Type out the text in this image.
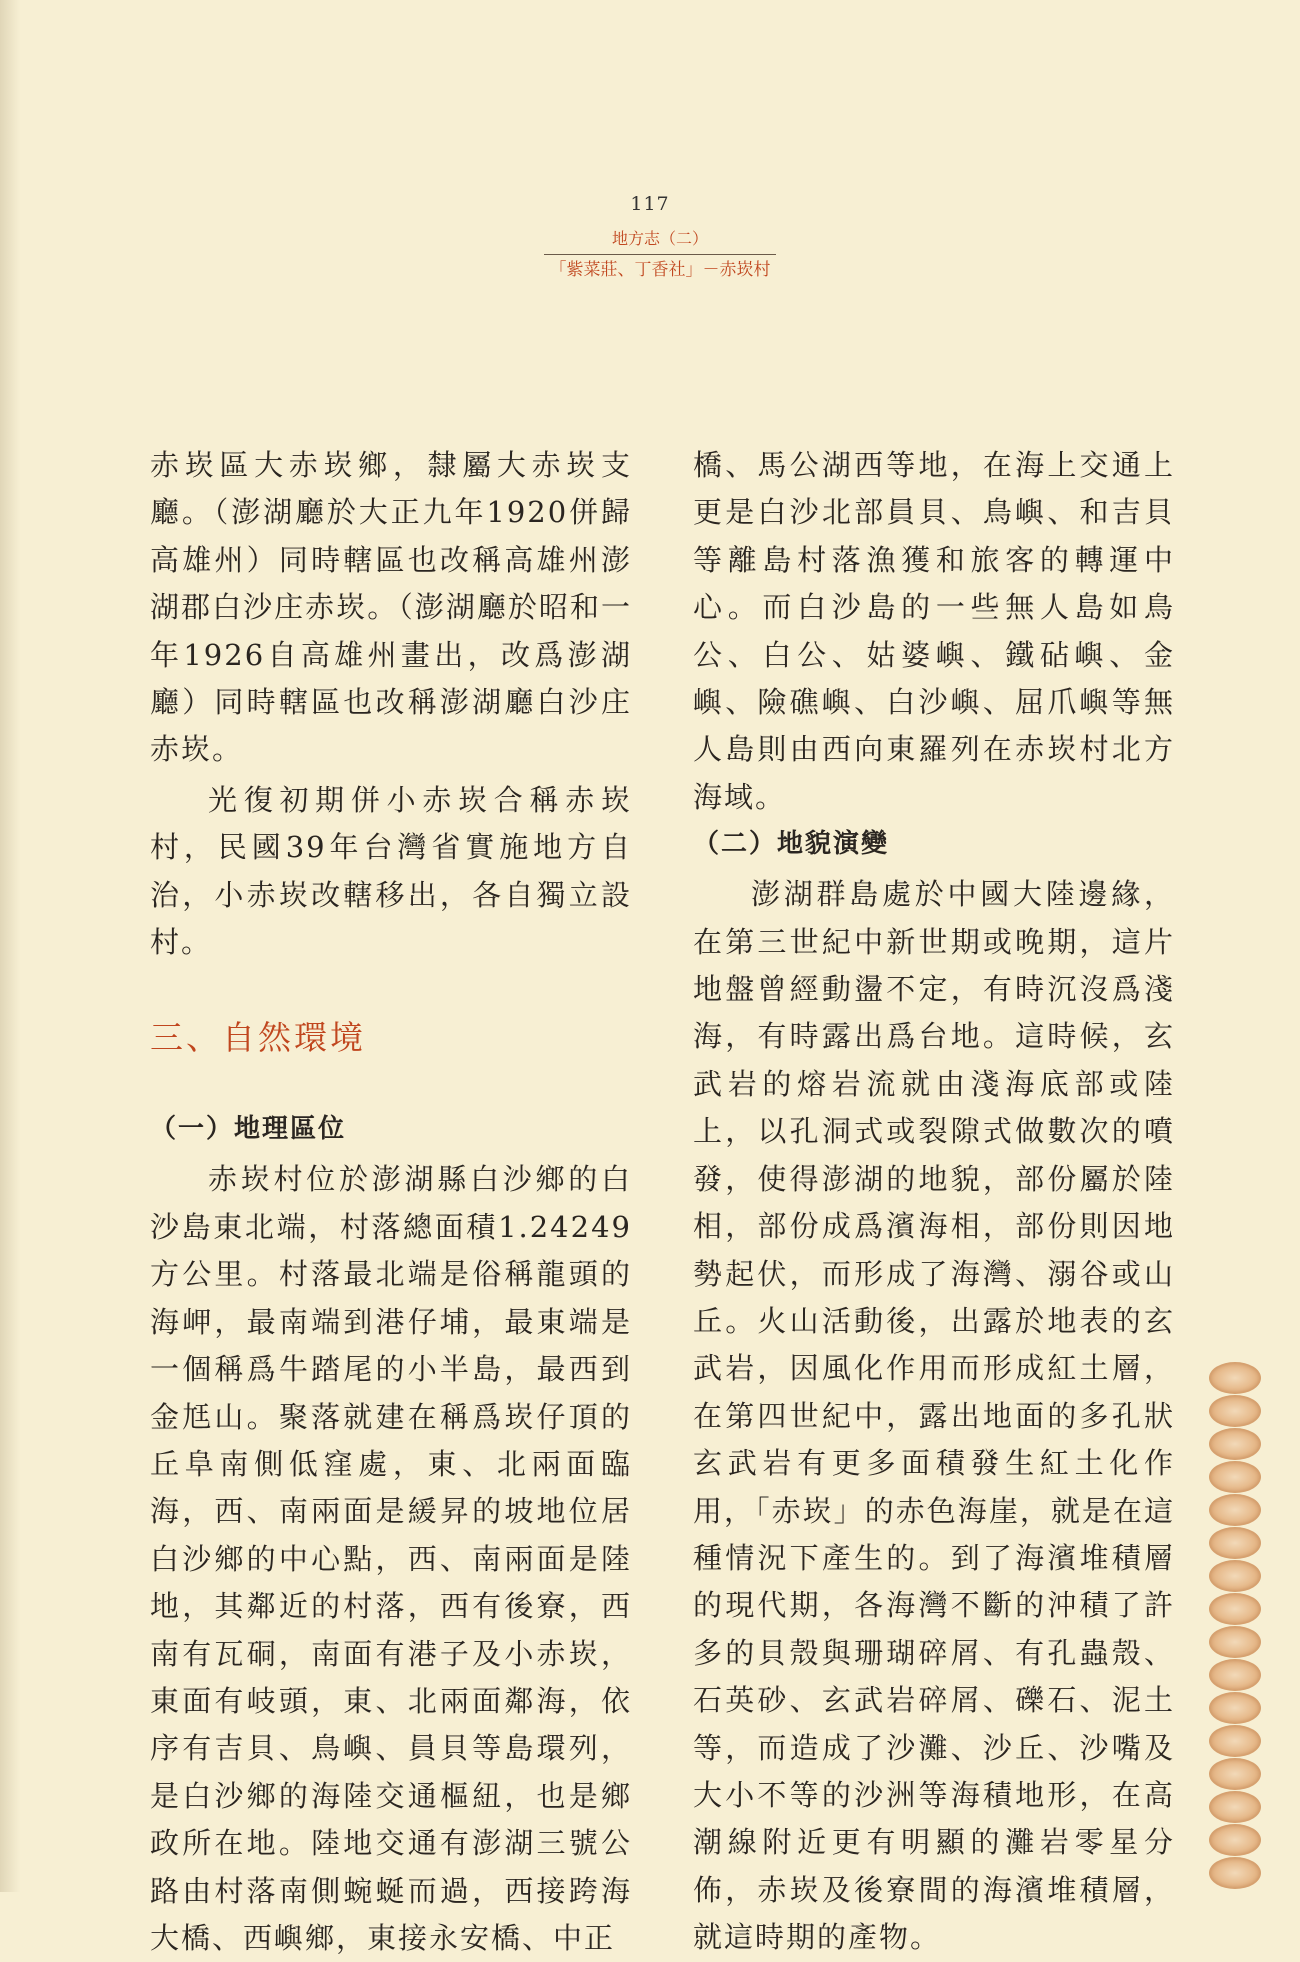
117
地方志（二）
「紫菜莊、丁香社」－赤崁村

赤崁區大赤崁鄉，隸屬大赤崁支廳。（澎湖廳於大正九年1920併歸高雄州）同時轄區也改稱高雄州澎湖郡白沙庄赤崁。（澎湖廳於昭和一年1926自高雄州畫出，改爲澎湖廳）同時轄區也改稱澎湖廳白沙庄赤崁。

光復初期併小赤崁合稱赤崁村，民國39年台灣省實施地方自治，小赤崁改轄移出，各自獨立設村。

三、自然環境
（一）地理區位

赤崁村位於澎湖縣白沙鄉的白沙島東北端，村落總面積1.24249方公里。村落最北端是俗稱龍頭的海岬，最南端到港仔埔，最東端是一個稱爲牛踏尾的小半島，最西到金尪山。聚落就建在稱爲崁仔頂的丘阜南側低窪處，東、北兩面臨海，西、南兩面是緩昇的坡地位居白沙鄉的中心點，西、南兩面是陸地，其鄰近的村落，西有後寮，西南有瓦硐，南面有港子及小赤崁，東面有岐頭，東、北兩面鄰海，依序有吉貝、鳥嶼、員貝等島環列，是白沙鄉的海陸交通樞紐，也是鄉政所在地。陸地交通有澎湖三號公路由村落南側蜿蜒而過，西接跨海大橋、西嶼鄉，東接永安橋、中正

橋、馬公湖西等地，在海上交通上更是白沙北部員貝、鳥嶼、和吉貝等離島村落漁獲和旅客的轉運中心。而白沙島的一些無人島如鳥公、白公、姑婆嶼、鐵砧嶼、金嶼、險礁嶼、白沙嶼、屈爪嶼等無人島則由西向東羅列在赤崁村北方海域。

（二）地貌演變

澎湖群島處於中國大陸邊緣，在第三世紀中新世期或晚期，這片地盤曾經動盪不定，有時沉沒爲淺海，有時露出爲台地。這時候，玄武岩的熔岩流就由淺海底部或陸上，以孔洞式或裂隙式做數次的噴發，使得澎湖的地貌，部份屬於陸相，部份成爲濱海相，部份則因地勢起伏，而形成了海灣、溺谷或山丘。火山活動後，出露於地表的玄武岩，因風化作用而形成紅土層，在第四世紀中，露出地面的多孔狀玄武岩有更多面積發生紅土化作用，「赤崁」的赤色海崖，就是在這種情況下產生的。到了海濱堆積層的現代期，各海灣不斷的沖積了許多的貝殼與珊瑚碎屑、有孔蟲殼、石英砂、玄武岩碎屑、礫石、泥土等，而造成了沙灘、沙丘、沙嘴及大小不等的沙洲等海積地形，在高潮線附近更有明顯的灘岩零星分佈，赤崁及後寮間的海濱堆積層，就這時期的產物。
